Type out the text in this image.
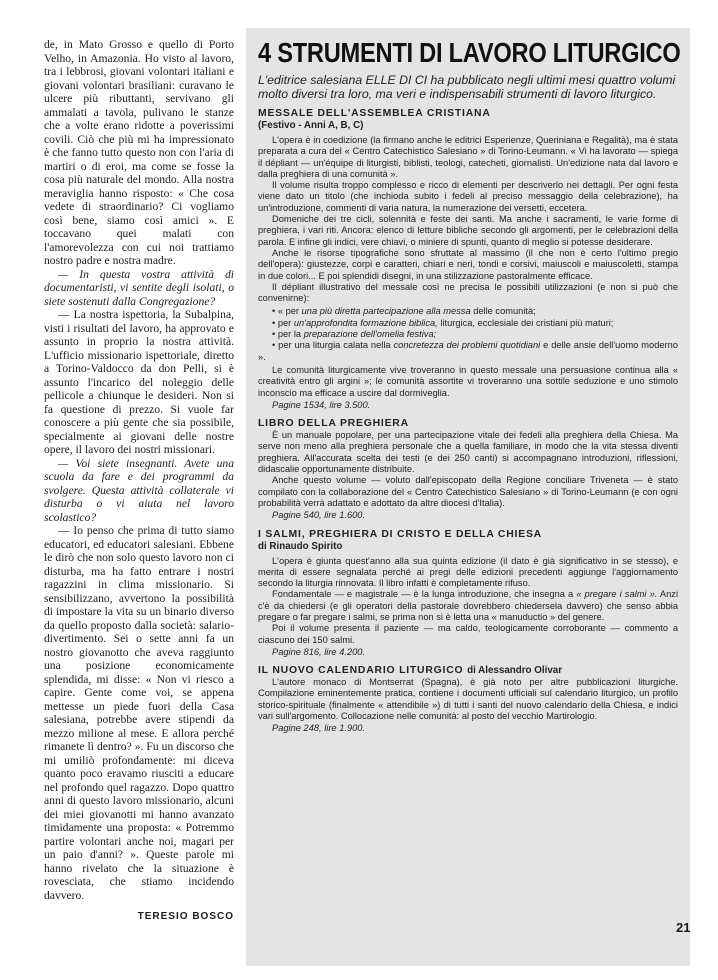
de, in Mato Grosso e quello di Porto Velho, in Amazonia. Ho visto al lavoro, tra i lebbrosi, giovani volontari italiani e giovani volontari brasiliani: curavano le ulcere più ributtanti, servivano gli ammalati a tavola, pulivano le stanze che a volte erano ridotte a poverissimi covili. Ciò che più mi ha impressionato è che fanno tutto questo non con l'aria di martiri o di eroi, ma come se fosse la cosa più naturale del mondo. Alla nostra meraviglia hanno risposto: « Che cosa vedete di straordinario? Ci vogliamo così bene, siamo così amici ». E toccavano quei malati con l'amorevolezza con cui noi trattiamo nostro padre e nostra madre.

— In questa vostra attività di documentaristi, vi sentite degli isolati, o siete sostenuti dalla Congregazione?

— La nostra ispettoria, la Subalpina, visti i risultati del lavoro, ha approvato e assunto in proprio la nostra attività. L'ufficio missionario ispettoriale, diretto a Torino-Valdocco da don Pelli, si è assunto l'incarico del noleggio delle pellicole a chiunque le desideri. Non si fa questione di prezzo. Si vuole far conoscere a più gente che sia possibile, specialmente ai giovani delle nostre opere, il lavoro dei nostri missionari.

— Voi siete insegnanti. Avete una scuola da fare e dei programmi da svolgere. Questa attività collaterale vi disturba o vi aiuta nel lavoro scolastico?

— Io penso che prima di tutto siamo educatori, ed educatori salesiani. Ebbene le dirò che non solo questo lavoro non ci disturba, ma ha fatto entrare i nostri ragazzini in clima missionario. Si sensibilizzano, avvertono la possibilità di impostare la vita su un binario diverso da quello proposto dalla società: salario-divertimento. Sei o sette anni fa un nostro giovanotto che aveva raggiunto una posizione economicamente splendida, mi disse: « Non vi riesco a capire. Gente come voi, se appena mettesse un piede fuori della Casa salesiana, potrebbe avere stipendi da mezzo milione al mese. E allora perché rimanete lì dentro? ». Fu un discorso che mi umiliò profondamente: mi diceva quanto poco eravamo riusciti a educare nel profondo quel ragazzo. Dopo quattro anni di questo lavoro missionario, alcuni dei miei giovanotti mi hanno avanzato timidamente una proposta: « Potremmo partire volontari anche noi, magari per un paio d'anni? ». Queste parole mi hanno rivelato che la situazione è rovesciata, che stiamo incidendo davvero.

TERESIO BOSCO

4 STRUMENTI DI LAVORO LITURGICO
L'editrice salesiana ELLE DI CI ha pubblicato negli ultimi mesi quattro volumi molto diversi tra loro, ma veri e indispensabili strumenti di lavoro liturgico.
MESSALE DELL'ASSEMBLEA CRISTIANA
(Festivo - Anni A, B, C)

L'opera è in coedizione (la firmano anche le editrici Esperienze, Queriniana e Regalità), ma è stata preparata a cura del « Centro Catechistico Salesiano » di Torino-Leumann. « Vi ha lavorato — spiega il dépliant — un'équipe di liturgisti, biblisti, teologi, catecheti, giornalisti. Un'edizione nata dal lavoro e dalla preghiera di una comunità ».

Il volume risulta troppo complesso e ricco di elementi per descriverlo nei dettagli. Per ogni festa viene dato un titolo (che inchioda subito i fedeli al preciso messaggio della celebrazione), ha un'introduzione, commenti di varia natura, la numerazione dei versetti, eccetera.

Domeniche dei tre cicli, solennità e feste dei santi. Ma anche i sacramenti, le varie forme di preghiera, i vari riti. Ancora: elenco di letture bibliche secondo gli argomenti, per le celebrazioni della parola. E infine gli indici, vere chiavi, o miniere di spunti, quanto di meglio si potesse desiderare.

Anche le risorse tipografiche sono sfruttate al massimo (il che non è certo l'ultimo pregio dell'opera): giustezze, corpi e caratteri, chiari e neri, tondi e corsivi, maiuscoli e maiuscoletti, stampa in due colori... E poi splendidi disegni, in una stilizzazione pastoralmente efficace.

Il dépliant illustrativo del messale così ne precisa le possibili utilizzazioni (e non si può che convenirne):

• « per una più diretta partecipazione alla messa delle comunità;

• per un'approfondita formazione biblica, liturgica, ecclesiale dei cristiani più maturi;

• per la preparazione dell'omelia festiva;

• per una liturgia calata nella concretezza dei problemi quotidiani e delle ansie dell'uomo moderno ».

Le comunità liturgicamente vive troveranno in questo messale una persuasione continua alla « creatività entro gli argini »; le comunità assortite vi troveranno una sottile seduzione e uno stimolo inconscio ma efficace a uscire dal dormiveglia.

Pagine 1534, lire 3.500.

LIBRO DELLA PREGHIERA

È un manuale popolare, per una partecipazione vitale dei fedeli alla preghiera della Chiesa. Ma serve non meno alla preghiera personale che a quella familiare, in modo che la vita stessa diventi preghiera. All'accurata scelta dei testi (e dei 250 canti) si accompagnano introduzioni, riflessioni, didascalie opportunamente distribuite.

Anche questo volume — voluto dall'episcopato della Regione conciliare Triveneta — è stato compilato con la collaborazione del « Centro Catechistico Salesiano » di Torino-Leumann (e con ogni probabilità verrà adattato e adottato da altre diocesi d'Italia).

Pagine 540, lire 1.600.

I SALMI, PREGHIERA DI CRISTO E DELLA CHIESA
di Rinaudo Spirito

L'opera è giunta quest'anno alla sua quinta edizione (il dato è già significativo in se stesso), e merita di essere segnalata perché ai pregi delle edizioni precedenti aggiunge l'aggiornamento secondo la liturgia rinnovata. Il libro infatti è completamente rifuso.

Fondamentale — e magistrale — è la lunga introduzione, che insegna a « pregare i salmi ». Anzi c'è da chiedersi (e gli operatori della pastorale dovrebbero chiedersela davvero) che senso abbia pregare o far pregare i salmi, se prima non si è letta una « manuductio » del genere.

Poi il volume presenta il paziente — ma caldo, teologicamente corroborante — commento a ciascuno dei 150 salmi.

Pagine 816, lire 4.200.

IL NUOVO CALENDARIO LITURGICO di Alessandro Olivar

L'autore monaco di Montserrat (Spagna), è già noto per altre pubblicazioni liturgiche. Compilazione eminentemente pratica, contiene i documenti ufficiali sul calendario liturgico, un profilo storico-spirituale (finalmente « attendibile ») di tutti i santi del nuovo calendario della Chiesa, e indici vari sull'argomento. Collocazione nelle comunità: al posto del vecchio Martirologio.

Pagine 248, lire 1.900.

21
